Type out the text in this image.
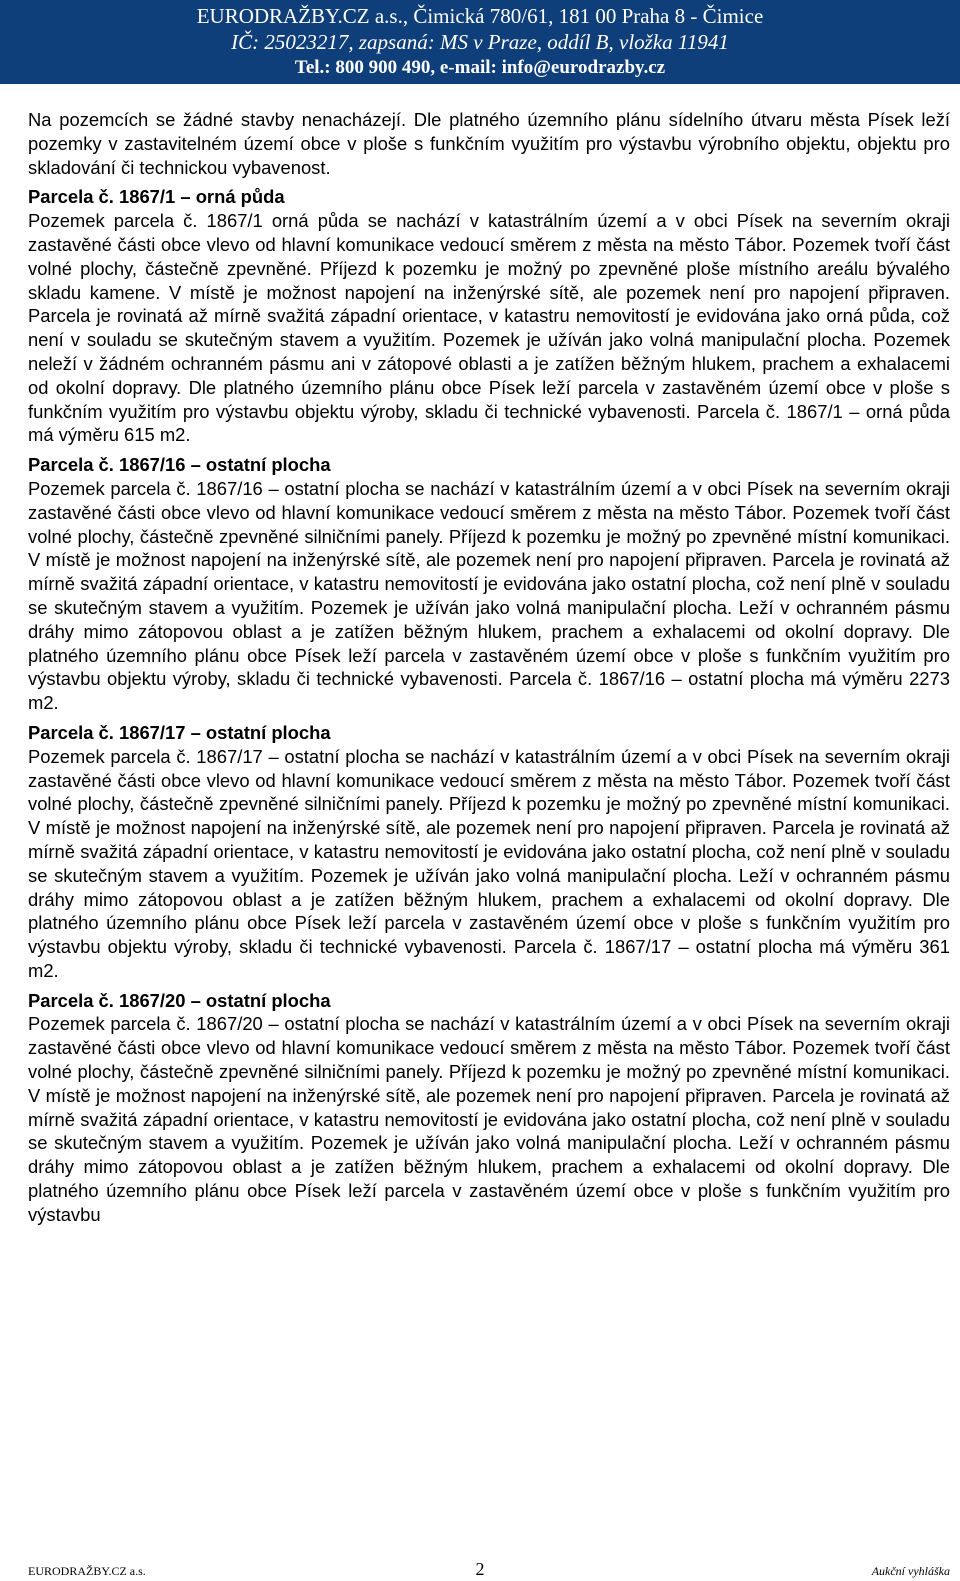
EURODRAŽBY.CZ a.s., Čimická 780/61, 181 00 Praha 8 - Čimice
IČ: 25023217, zapsaná: MS v Praze, oddíl B, vložka 11941
Tel.: 800 900 490, e-mail: info@eurodrazby.cz

Na pozemcích se žádné stavby nenacházejí. Dle platného územního plánu sídelního útvaru města Písek leží pozemky v zastavitelném území obce v ploše s funkčním využitím pro výstavbu výrobního objektu, objektu pro skladování či technickou vybavenost.

Parcela č. 1867/1 – orná půda

Pozemek parcela č. 1867/1 orná půda se nachází v katastrálním území a v obci Písek na severním okraji zastavěné části obce vlevo od hlavní komunikace vedoucí směrem z města na město Tábor. Pozemek tvoří část volné plochy, částečně zpevněné. Příjezd k pozemku je možný po zpevněné ploše místního areálu bývalého skladu kamene. V místě je možnost napojení na inženýrské sítě, ale pozemek není pro napojení připraven. Parcela je rovinatá až mírně svažitá západní orientace, v katastru nemovitostí je evidována jako orná půda, což není v souladu se skutečným stavem a využitím. Pozemek je užíván jako volná manipulační plocha. Pozemek neleží v žádném ochranném pásmu ani v zátopové oblasti a je zatížen běžným hlukem, prachem a exhalacemi od okolní dopravy. Dle platného územního plánu obce Písek leží parcela v zastavěném území obce v ploše s funkčním využitím pro výstavbu objektu výroby, skladu či technické vybavenosti. Parcela č. 1867/1 – orná půda má výměru 615 m2.

Parcela č. 1867/16 – ostatní plocha

Pozemek parcela č. 1867/16 – ostatní plocha se nachází v katastrálním území a v obci Písek na severním okraji zastavěné části obce vlevo od hlavní komunikace vedoucí směrem z města na město Tábor. Pozemek tvoří část volné plochy, částečně zpevněné silničními panely. Příjezd k pozemku je možný po zpevněné místní komunikaci. V místě je možnost napojení na inženýrské sítě, ale pozemek není pro napojení připraven. Parcela je rovinatá až mírně svažitá západní orientace, v katastru nemovitostí je evidována jako ostatní plocha, což není plně v souladu se skutečným stavem a využitím. Pozemek je užíván jako volná manipulační plocha. Leží v ochranném pásmu dráhy mimo zátopovou oblast a je zatížen běžným hlukem, prachem a exhalacemi od okolní dopravy. Dle platného územního plánu obce Písek leží parcela v zastavěném území obce v ploše s funkčním využitím pro výstavbu objektu výroby, skladu či technické vybavenosti. Parcela č. 1867/16 – ostatní plocha má výměru 2273 m2.

Parcela č. 1867/17 – ostatní plocha

Pozemek parcela č. 1867/17 – ostatní plocha se nachází v katastrálním území a v obci Písek na severním okraji zastavěné části obce vlevo od hlavní komunikace vedoucí směrem z města na město Tábor. Pozemek tvoří část volné plochy, částečně zpevněné silničními panely. Příjezd k pozemku je možný po zpevněné místní komunikaci. V místě je možnost napojení na inženýrské sítě, ale pozemek není pro napojení připraven. Parcela je rovinatá až mírně svažitá západní orientace, v katastru nemovitostí je evidována jako ostatní plocha, což není plně v souladu se skutečným stavem a využitím. Pozemek je užíván jako volná manipulační plocha. Leží v ochranném pásmu dráhy mimo zátopovou oblast a je zatížen běžným hlukem, prachem a exhalacemi od okolní dopravy. Dle platného územního plánu obce Písek leží parcela v zastavěném území obce v ploše s funkčním využitím pro výstavbu objektu výroby, skladu či technické vybavenosti. Parcela č. 1867/17 – ostatní plocha má výměru 361 m2.

Parcela č. 1867/20 – ostatní plocha

Pozemek parcela č. 1867/20 – ostatní plocha se nachází v katastrálním území a v obci Písek na severním okraji zastavěné části obce vlevo od hlavní komunikace vedoucí směrem z města na město Tábor. Pozemek tvoří část volné plochy, částečně zpevněné silničními panely. Příjezd k pozemku je možný po zpevněné místní komunikaci. V místě je možnost napojení na inženýrské sítě, ale pozemek není pro napojení připraven. Parcela je rovinatá až mírně svažitá západní orientace, v katastru nemovitostí je evidována jako ostatní plocha, což není plně v souladu se skutečným stavem a využitím. Pozemek je užíván jako volná manipulační plocha. Leží v ochranném pásmu dráhy mimo zátopovou oblast a je zatížen běžným hlukem, prachem a exhalacemi od okolní dopravy. Dle platného územního plánu obce Písek leží parcela v zastavěném území obce v ploše s funkčním využitím pro výstavbu

EURODRAŽBY.CZ a.s.	2	Aukční vyhláška
